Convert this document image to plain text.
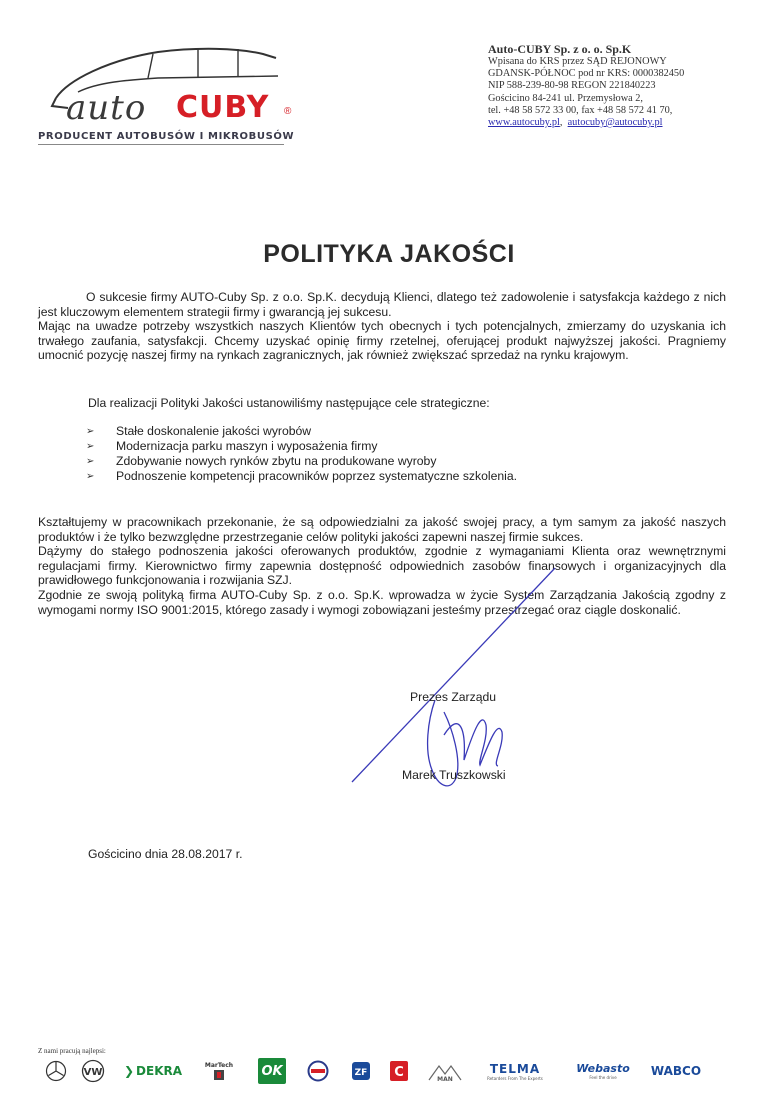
auto CUBY ®
PRODUCENT AUTOBUSÓW I MIKROBUSÓW
Auto-CUBY Sp. z o. o. Sp.K
Wpisana do KRS przez SĄD REJONOWY
GDANSK-PÓŁNOC pod nr KRS: 0000382450
NIP 588-239-80-98 REGON 221840223
Gościcino 84-241 ul. Przemysłowa 2,
tel. +48 58 572 33 00, fax +48 58 572 41 70,
www.autocuby.pl, autocuby@autocuby.pl
POLITYKA JAKOŚCI
O sukcesie firmy AUTO-Cuby Sp. z o.o. Sp.K. decydują Klienci, dlatego też zadowolenie i satysfakcja każdego z nich jest kluczowym elementem strategii firmy i gwarancją jej sukcesu.
Mając na uwadze potrzeby wszystkich naszych Klientów tych obecnych i tych potencjalnych, zmierzamy do uzyskania ich trwałego zaufania, satysfakcji. Chcemy uzyskać opinię firmy rzetelnej, oferującej produkt najwyższej jakości. Pragniemy umocnić pozycję naszej firmy na rynkach zagranicznych, jak również zwiększać sprzedaż na rynku krajowym.
Dla realizacji Polityki Jakości ustanowiliśmy następujące cele strategiczne:
➢ Stałe doskonalenie jakości wyrobów
➢ Modernizacja parku maszyn i wyposażenia firmy
➢ Zdobywanie nowych rynków zbytu na produkowane wyroby
➢ Podnoszenie kompetencji pracowników poprzez systematyczne szkolenia.
Kształtujemy w pracownikach przekonanie, że są odpowiedzialni za jakość swojej pracy, a tym samym za jakość naszych produktów i że tylko bezwzględne przestrzeganie celów polityki jakości zapewni naszej firmie sukces.
Dążymy do stałego podnoszenia jakości oferowanych produktów, zgodnie z wymaganiami Klienta oraz wewnętrznymi regulacjami firmy. Kierownictwo firmy zapewnia dostępność odpowiednich zasobów finansowych i organizacyjnych dla prawidłowego funkcjonowania i rozwijania SZJ.
Zgodnie ze swoją polityką firma AUTO-Cuby Sp. z o.o. Sp.K. wprowadza w życie System Zarządzania Jakością zgodny z wymogami normy ISO 9001:2015, którego zasady i wymogi zobowiązani jesteśmy przestrzegać oraz ciągle doskonalić.
Prezes Zarządu
Marek Truszkowski
Gościcino dnia 28.08.2017 r.
Z nami pracują najlepsi:
VW ❯ DEKRA	MarTech OK	ZF C	MAN
TELMA
Retarders From The Experts
Webasto
Feel the drive	WABCO
